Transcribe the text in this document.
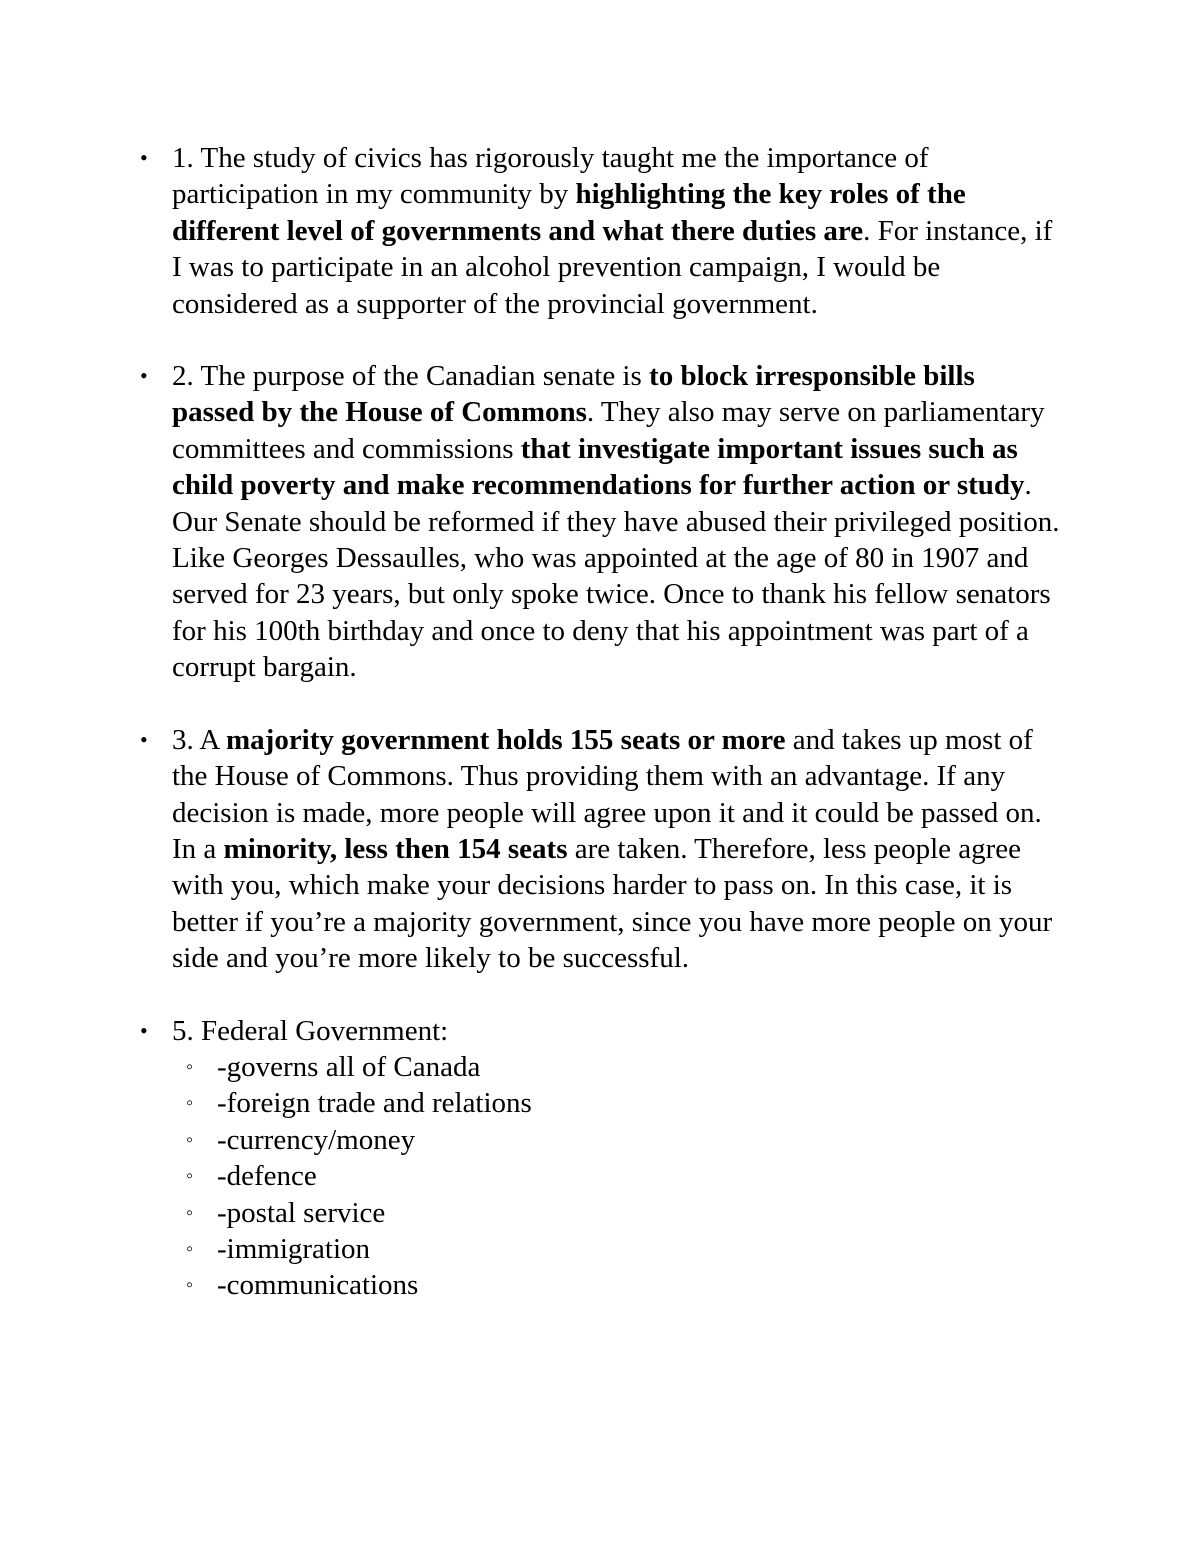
• 1. The study of civics has rigorously taught me the importance of participation in my community by highlighting the key roles of the different level of governments and what there duties are. For instance, if I was to participate in an alcohol prevention campaign, I would be considered as a supporter of the provincial government.
• 2. The purpose of the Canadian senate is to block irresponsible bills passed by the House of Commons. They also may serve on parliamentary committees and commissions that investigate important issues such as child poverty and make recommendations for further action or study. Our Senate should be reformed if they have abused their privileged position. Like Georges Dessaulles, who was appointed at the age of 80 in 1907 and served for 23 years, but only spoke twice. Once to thank his fellow senators for his 100th birthday and once to deny that his appointment was part of a corrupt bargain.
• 3. A majority government holds 155 seats or more and takes up most of the House of Commons. Thus providing them with an advantage. If any decision is made, more people will agree upon it and it could be passed on. In a minority, less then 154 seats are taken. Therefore, less people agree with you, which make your decisions harder to pass on. In this case, it is better if you’re a majority government, since you have more people on your side and you’re more likely to be successful.
• 5. Federal Government:
◦ -governs all of Canada
◦ -foreign trade and relations
◦ -currency/money
◦ -defence
◦ -postal service
◦ -immigration
◦ -communications
